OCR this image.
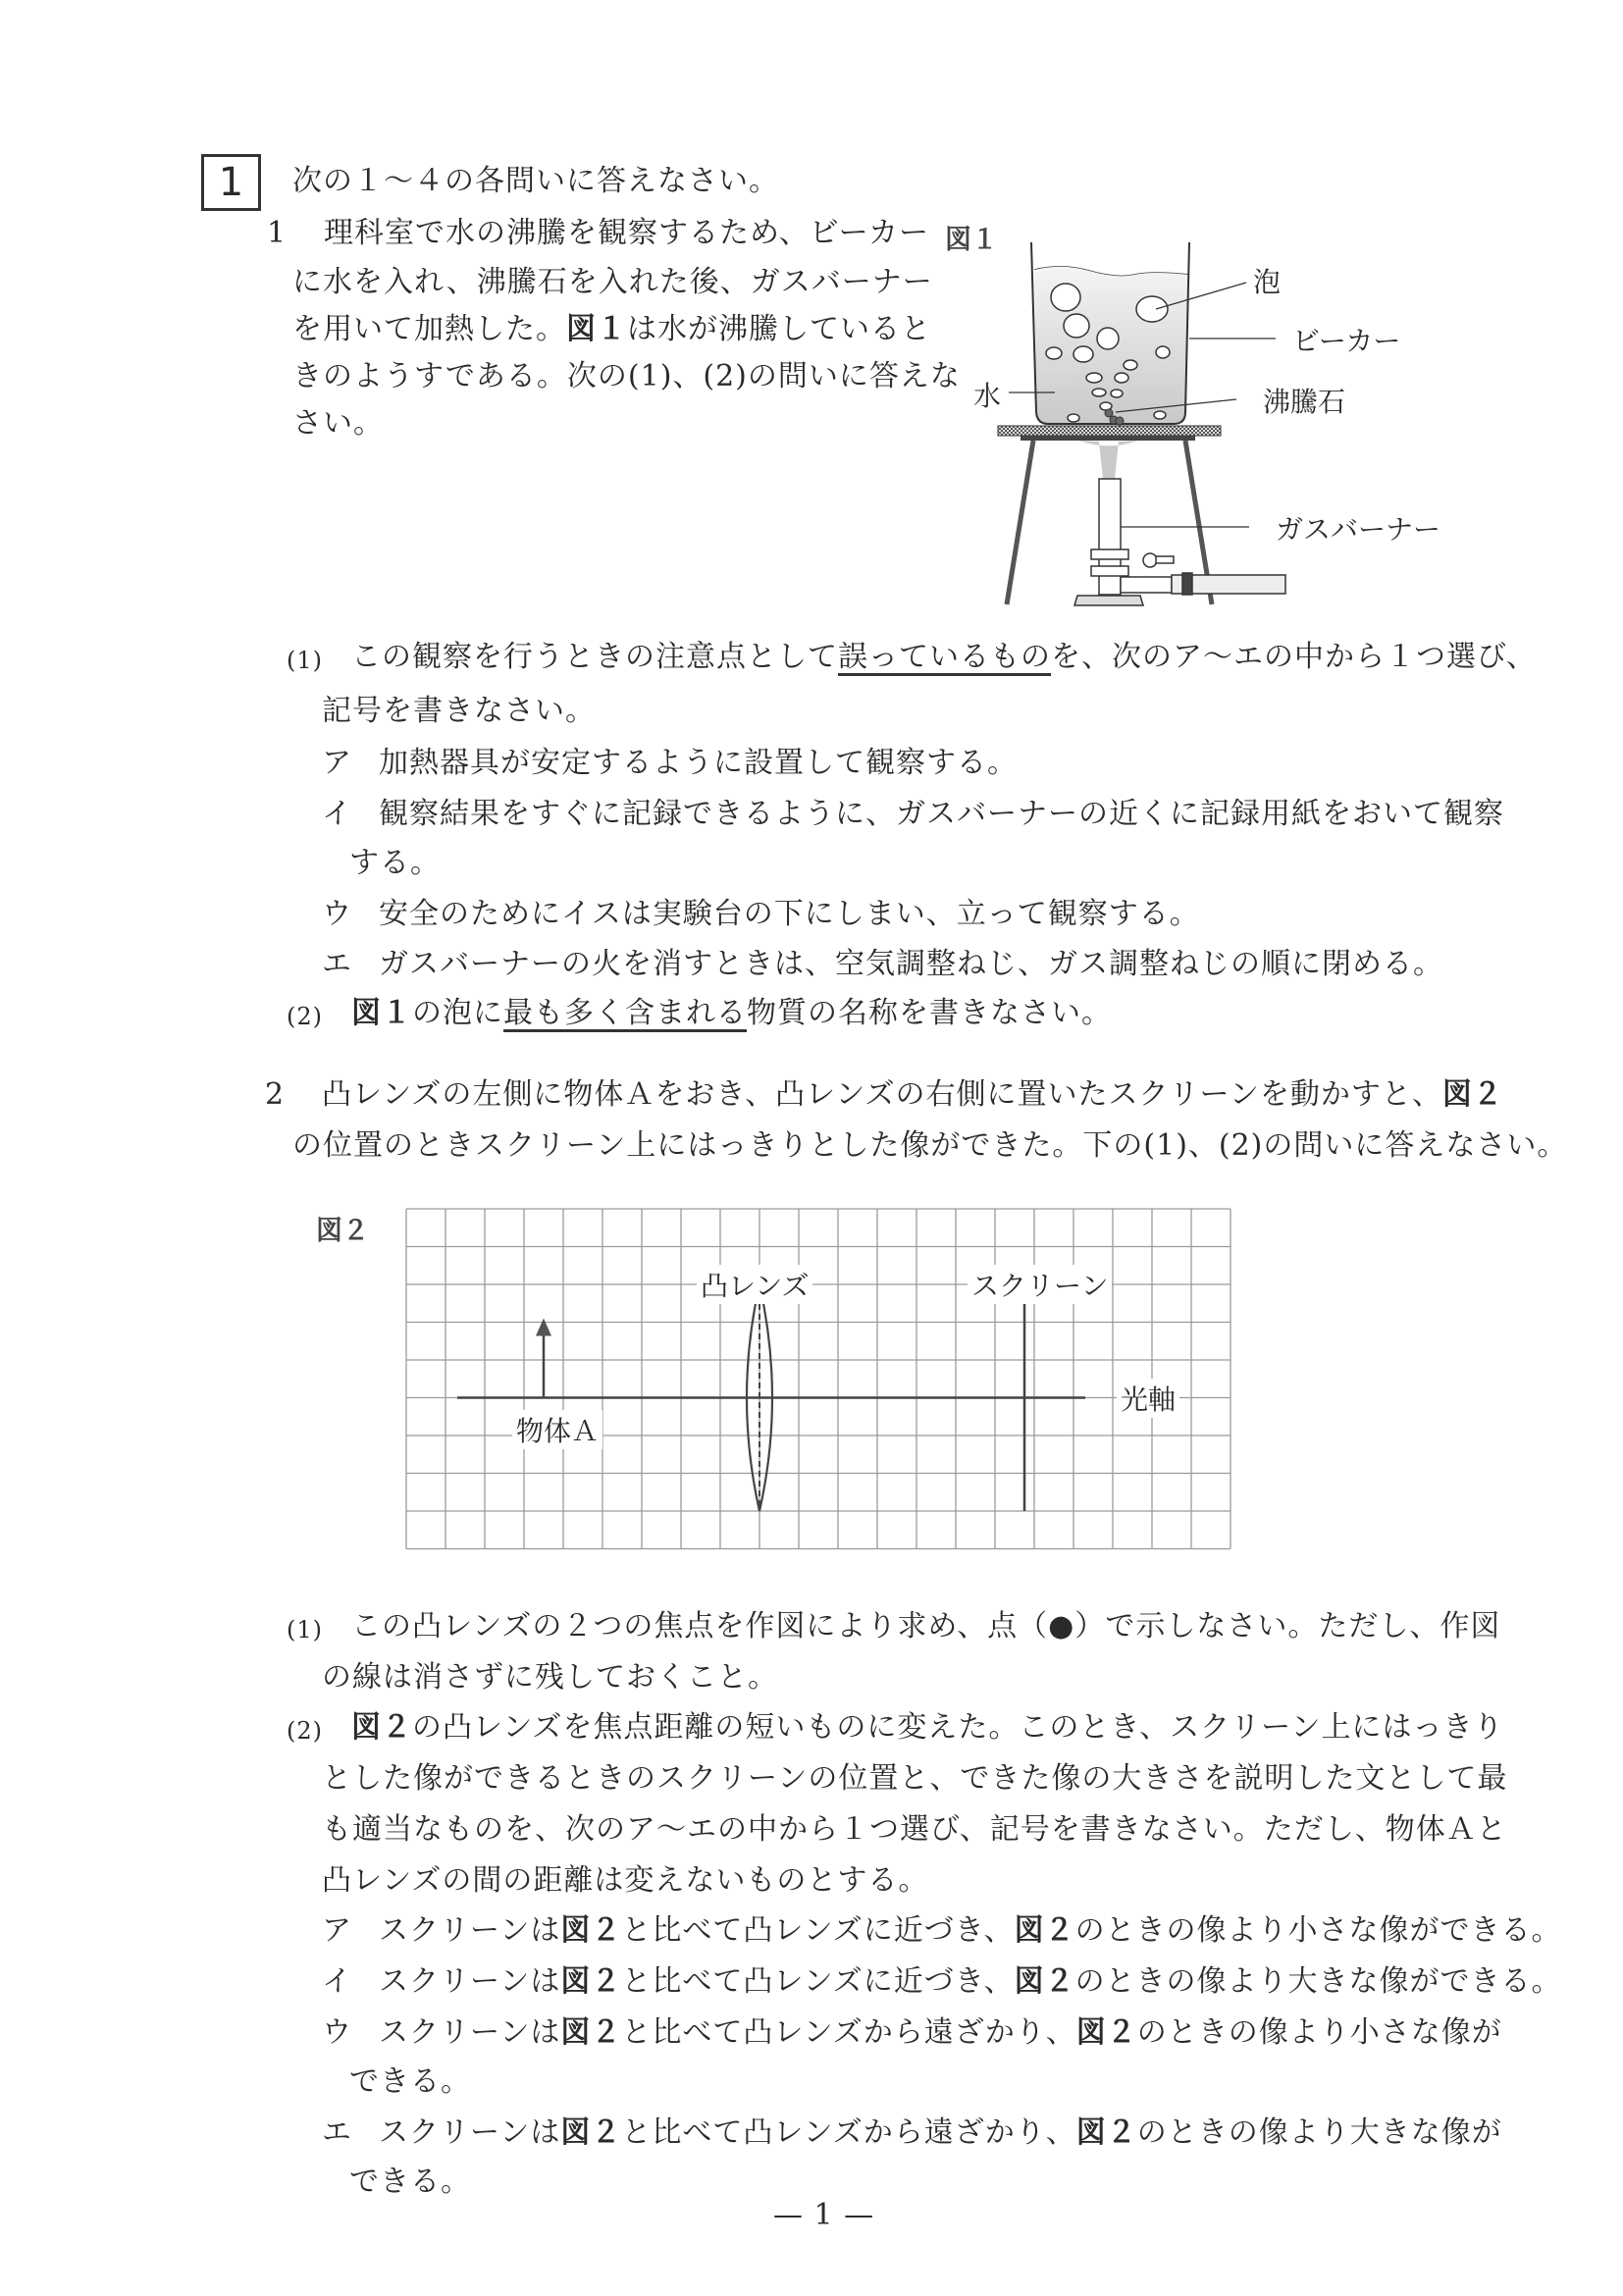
1	次の１～４の各問いに答えなさい。
1 理科室で水の沸騰を観察するため、ビーカー
に水を入れ、沸騰石を入れた後、ガスバーナー
を用いて加熱した。図１は水が沸騰していると
きのようすである。次の(1)、(2)の問いに答えな
さい。
図１
泡
ビーカー
水	沸騰石
ガスバーナー
(1) この観察を行うときの注意点として誤っているものを、次のア～エの中から１つ選び、
記号を書きなさい。
ア 加熱器具が安定するように設置して観察する。
イ 観察結果をすぐに記録できるように、ガスバーナーの近くに記録用紙をおいて観察
する。
ウ 安全のためにイスは実験台の下にしまい、立って観察する。
エ ガスバーナーの火を消すときは、空気調整ねじ、ガス調整ねじの順に閉める。
(2) 図１の泡に最も多く含まれる物質の名称を書きなさい。
2 凸レンズの左側に物体Ａをおき、凸レンズの右側に置いたスクリーンを動かすと、図２
の位置のときスクリーン上にはっきりとした像ができた。下の(1)、(2)の問いに答えなさい。
図２
凸レンズ	スクリーン
光軸
物体Ａ
(1) この凸レンズの２つの焦点を作図により求め、点（●）で示しなさい。ただし、作図
の線は消さずに残しておくこと。
(2) 図２の凸レンズを焦点距離の短いものに変えた。このとき、スクリーン上にはっきり
とした像ができるときのスクリーンの位置と、できた像の大きさを説明した文として最
も適当なものを、次のア～エの中から１つ選び、記号を書きなさい。ただし、物体Ａと
凸レンズの間の距離は変えないものとする。
ア スクリーンは図２と比べて凸レンズに近づき、図２のときの像より小さな像ができる。
イ スクリーンは図２と比べて凸レンズに近づき、図２のときの像より大きな像ができる。
ウ スクリーンは図２と比べて凸レンズから遠ざかり、図２のときの像より小さな像が
できる。
エ スクリーンは図２と比べて凸レンズから遠ざかり、図２のときの像より大きな像が
できる。
— 1 —
